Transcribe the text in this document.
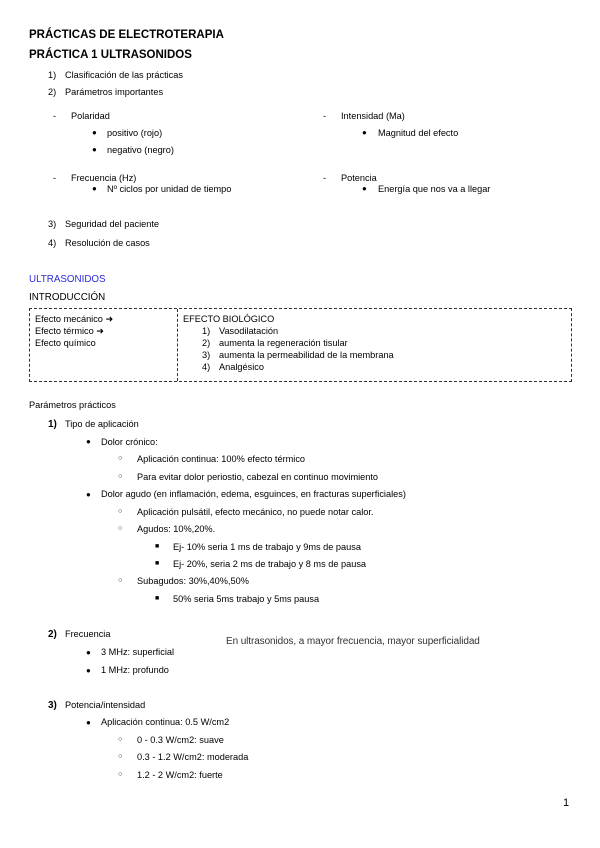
PRÁCTICAS DE ELECTROTERAPIA
PRÁCTICA 1 ULTRASONIDOS
1) Clasificación de las prácticas
2) Parámetros importantes
- Polaridad
● positivo (rojo)
● negativo (negro)
- Intensidad (Ma)
● Magnitud del efecto
- Frecuencia (Hz)
● Nº ciclos por unidad de tiempo
- Potencia
● Energía que nos va a llegar
3) Seguridad del paciente
4) Resolución de casos
ULTRASONIDOS
INTRODUCCIÓN
Efecto mecánico ➜
Efecto térmico ➜
Efecto químico
EFECTO BIOLÓGICO
1) Vasodilatación
2) aumenta la regeneración tisular
3) aumenta la permeabilidad de la membrana
4) Analgésico
Parámetros prácticos
1) Tipo de aplicación
● Dolor crónico:
○ Aplicación continua: 100% efecto térmico
○ Para evitar dolor periostio, cabezal en continuo movimiento
● Dolor agudo (en inflamación, edema, esguinces, en fracturas superficiales)
○ Aplicación pulsátil, efecto mecánico, no puede notar calor.
○ Agudos: 10%,20%.
■ Ej- 10% seria 1 ms de trabajo y 9ms de pausa
■ Ej- 20%, seria 2 ms de trabajo y 8 ms de pausa
○ Subagudos: 30%,40%,50%
■ 50% seria 5ms trabajo y 5ms pausa
2) Frecuencia
En ultrasonidos, a mayor frecuencia, mayor superficialidad
● 3 MHz: superficial
● 1 MHz: profundo
3) Potencia/intensidad
● Aplicación continua: 0.5 W/cm2
○ 0 - 0.3 W/cm2: suave
○ 0.3 - 1.2 W/cm2: moderada
○ 1.2 - 2 W/cm2: fuerte
1
